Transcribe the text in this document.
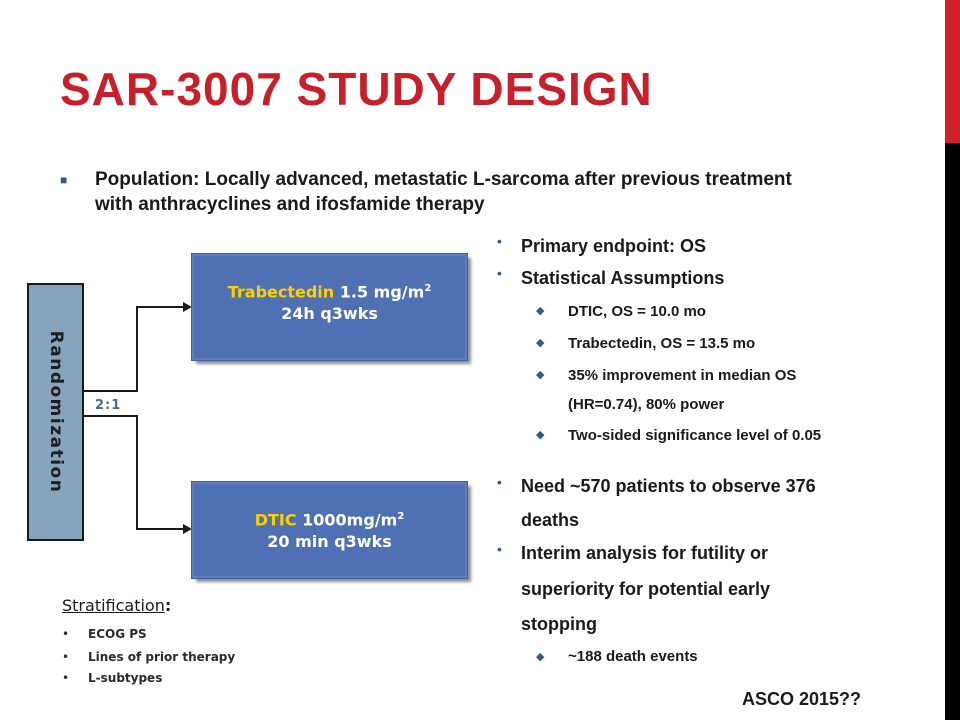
SAR-3007 STUDY DESIGN
■ Population: Locally advanced, metastatic L-sarcoma after previous treatment with anthracyclines and ifosfamide therapy
Randomization 2:1
Trabectedin 1.5 $mg/m^2$
24h q3wks
DTIC $1000mg/m^2$
20 min q3wks
Stratification:
• ECOG PS
• Lines of prior therapy
• L-subtypes
• Primary endpoint: OS
• Statistical Assumptions
◆ DTIC, OS = 10.0 mo
◆ Trabectedin, OS = 13.5 mo
◆ 35% improvement in median OS
(HR=0.74), 80% power
◆ Two-sided significance level of 0.05
• Need ~570 patients to observe 376
deaths
• Interim analysis for futility or
superiority for potential early
stopping
◆ ~188 death events
ASCO 2015??
